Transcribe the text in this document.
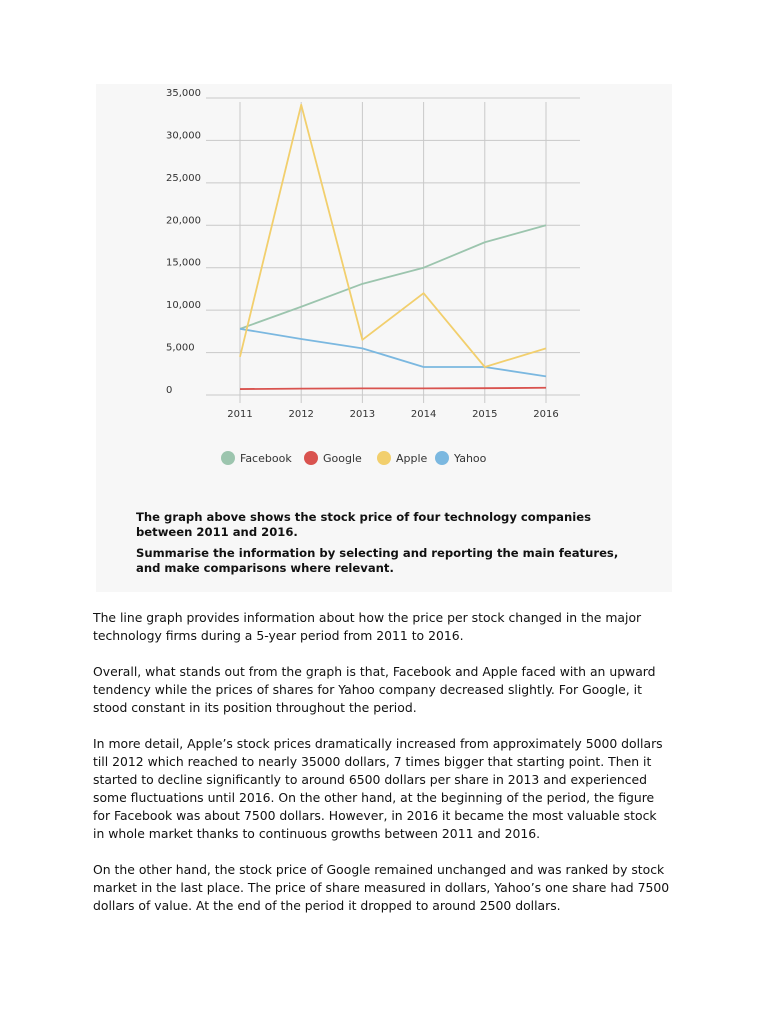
35,000
30,000
25,000
20,000
15,000
10,000
5,000
0
2011	2012	2013	2014	2015	2016
Facebook	Google	Apple Yahoo

The graph above shows the stock price of four technology companies
between 2011 and 2016.

Summarise the information by selecting and reporting the main features,
and make comparisons where relevant.

The line graph provides information about how the price per stock changed in the major
technology firms during a 5-year period from 2011 to 2016.

Overall, what stands out from the graph is that, Facebook and Apple faced with an upward
tendency while the prices of shares for Yahoo company decreased slightly. For Google, it
stood constant in its position throughout the period.

In more detail, Apple’s stock prices dramatically increased from approximately 5000 dollars
till 2012 which reached to nearly 35000 dollars, 7 times bigger that starting point. Then it
started to decline significantly to around 6500 dollars per share in 2013 and experienced
some fluctuations until 2016. On the other hand, at the beginning of the period, the figure
for Facebook was about 7500 dollars. However, in 2016 it became the most valuable stock
in whole market thanks to continuous growths between 2011 and 2016.

On the other hand, the stock price of Google remained unchanged and was ranked by stock
market in the last place. The price of share measured in dollars, Yahoo’s one share had 7500
dollars of value. At the end of the period it dropped to around 2500 dollars.
